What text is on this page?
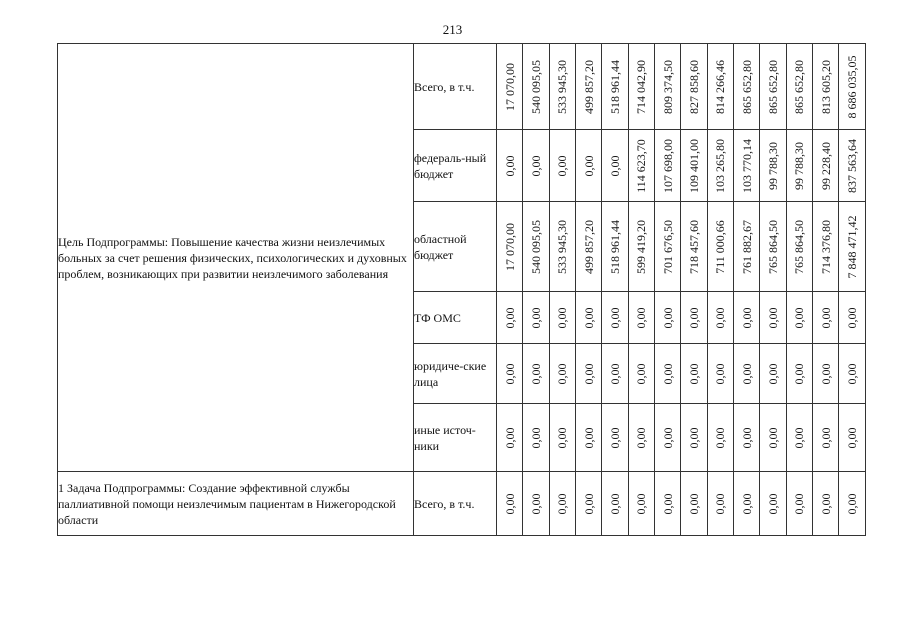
213
Цель Подпрограммы: Повышение качества жизни неизлечимых больных за счет решения физических, психологических и духовных проблем, возникающих при развитии неизлечимого заболевания	Всего, в т.ч.	17 070,00	540 095,05	533 945,30	499 857,20	518 961,44	714 042,90	809 374,50	827 858,60	814 266,46	865 652,80	865 652,80	865 652,80	813 605,20	8 686 035,05

	федераль-ный бюджет	0,00	0,00	0,00	0,00	0,00	114 623,70	107 698,00	109 401,00	103 265,80	103 770,14	99 788,30	99 788,30	99 228,40	837 563,64

	областной бюджет	17 070,00	540 095,05	533 945,30	499 857,20	518 961,44	599 419,20	701 676,50	718 457,60	711 000,66	761 882,67	765 864,50	765 864,50	714 376,80	7 848 471,42

	ТФ ОМС	0,00	0,00	0,00	0,00	0,00	0,00	0,00	0,00	0,00	0,00	0,00	0,00	0,00	0,00

	юридиче-ские лица	0,00	0,00	0,00	0,00	0,00	0,00	0,00	0,00	0,00	0,00	0,00	0,00	0,00	0,00

	иные источ-ники	0,00	0,00	0,00	0,00	0,00	0,00	0,00	0,00	0,00	0,00	0,00	0,00	0,00	0,00

1 Задача Подпрограммы: Создание эффективной службы паллиативной помощи неизлечимым пациентам в Нижегородской области	Всего, в т.ч.	0,00	0,00	0,00	0,00	0,00	0,00	0,00	0,00	0,00	0,00	0,00	0,00	0,00	0,00
